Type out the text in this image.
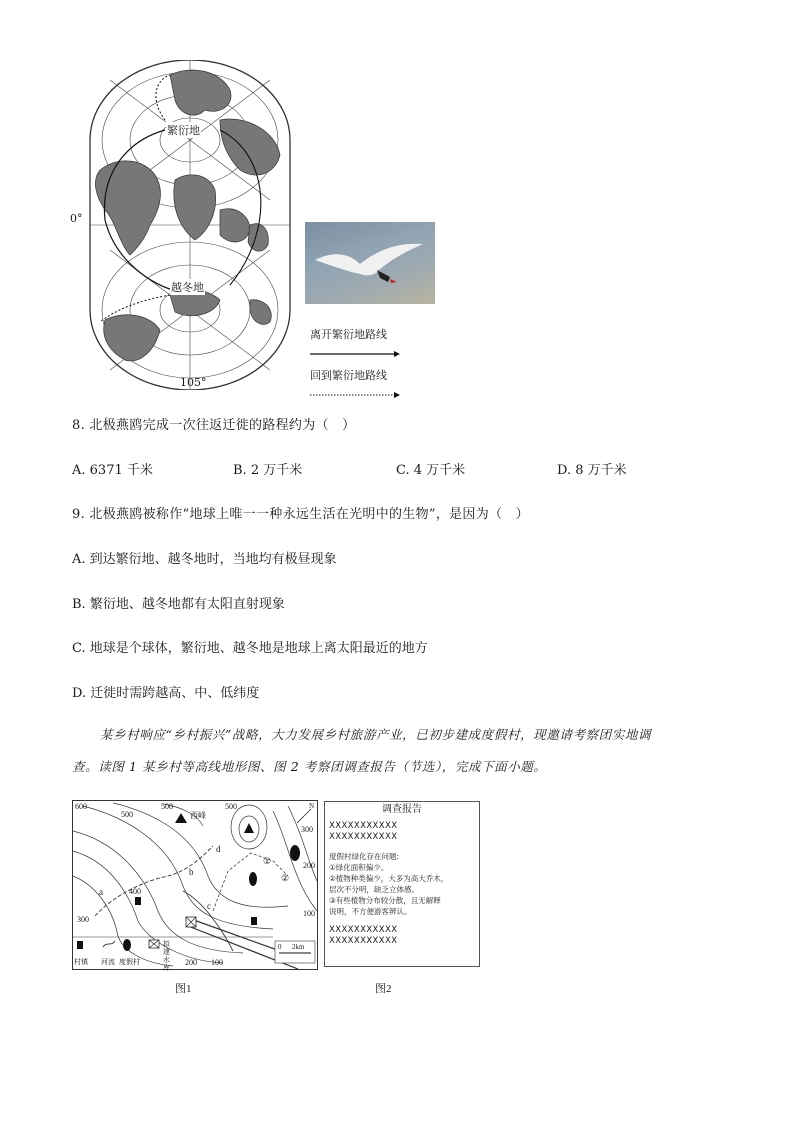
繁衍地
越冬地
0°
105°
离开繁衍地路线
回到繁衍地路线
8. 北极燕鸥完成一次往返迁徙的路程约为（　）
A. 6371 千米	B. 2 万千米	C. 4 万千米	D. 8 万千米
9. 北极燕鸥被称作“地球上唯一一种永远生活在光明中的生物”，是因为（　）
A. 到达繁衍地、越冬地时，当地均有极昼现象
B. 繁衍地、越冬地都有太阳直射现象
C. 地球是个球体，繁衍地、越冬地是地球上离太阳最近的地方
D. 迁徙时需跨越高、中、低纬度
某乡村响应“乡村振兴”战略，大力发展乡村旅游产业，已初步建成度假村，现邀请考察团实地调
查。读图 1 某乡村等高线地形图、图 2 考察团调查报告（节选），完成下面小题。
西峰
600
500
500	500
300
200
100
400
300
200 100
a
b
c
d
①
②
N
0      2km
村镇 河流 度假村
拟建水库
图1
调查报告
XXXXXXXXXXX
XXXXXXXXXXX
度假村绿化存在问题:
①绿化面积偏少。
②植物种类偏少，大多为高大乔木，
层次不分明，缺乏立体感。
③有些植物分布较分散，且无解释
说明，不方便游客辨认。
XXXXXXXXXXX
XXXXXXXXXXX
图2
